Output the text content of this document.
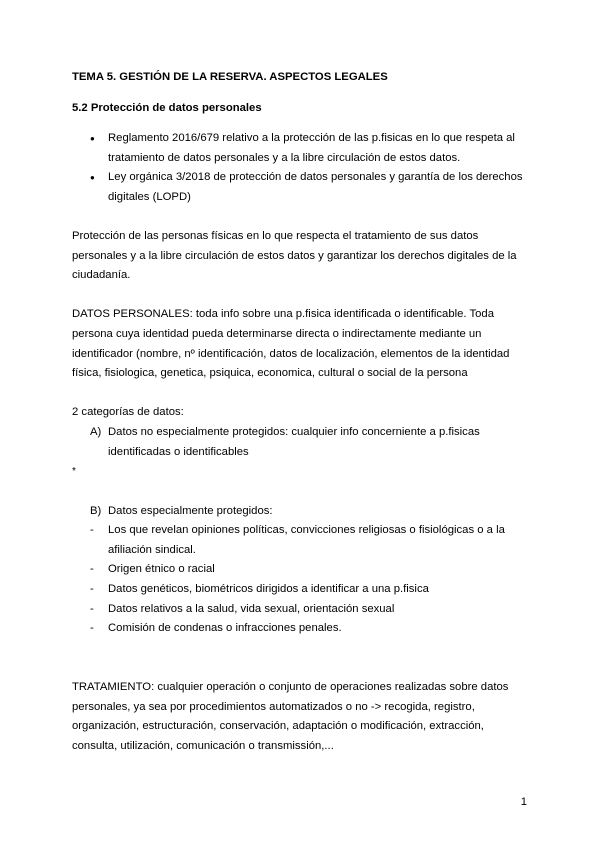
TEMA 5. GESTIÓN DE LA RESERVA. ASPECTOS LEGALES
5.2 Protección de datos personales
● Reglamento 2016/679 relativo a la protección de las p.fisicas en lo que respeta al tratamiento de datos personales y a la libre circulación de estos datos.
● Ley orgánica 3/2018 de protección de datos personales y garantía de los derechos digitales (LOPD)

Protección de las personas físicas en lo que respecta el tratamiento de sus datos personales y a la libre circulación de estos datos y garantizar los derechos digitales de la ciudadanía.

DATOS PERSONALES: toda info sobre una p.fisica identificada o identificable. Toda persona cuya identidad pueda determinarse directa o indirectamente mediante un identificador (nombre, nº identificación, datos de localización, elementos de la identidad física, fisiologica, genetica, psiquica, economica, cultural o social de la persona

2 categorías de datos:

A) Datos no especialmente protegidos: cualquier info concerniente a p.fisicas identificadas o identificables
*
B) Datos especialmente protegidos:
- Los que revelan opiniones políticas, convicciones religiosas o fisiológicas o a la afiliación sindical.
- Origen étnico o racial
- Datos genéticos, biométricos dirigidos a identificar a una p.fisica
- Datos relativos a la salud, vida sexual, orientación sexual
- Comisión de condenas o infracciones penales.

TRATAMIENTO: cualquier operación o conjunto de operaciones realizadas sobre datos personales, ya sea por procedimientos automatizados o no -> recogida, registro, organización, estructuración, conservación, adaptación o modificación, extracción, consulta, utilización, comunicación o transmissión,...

1
